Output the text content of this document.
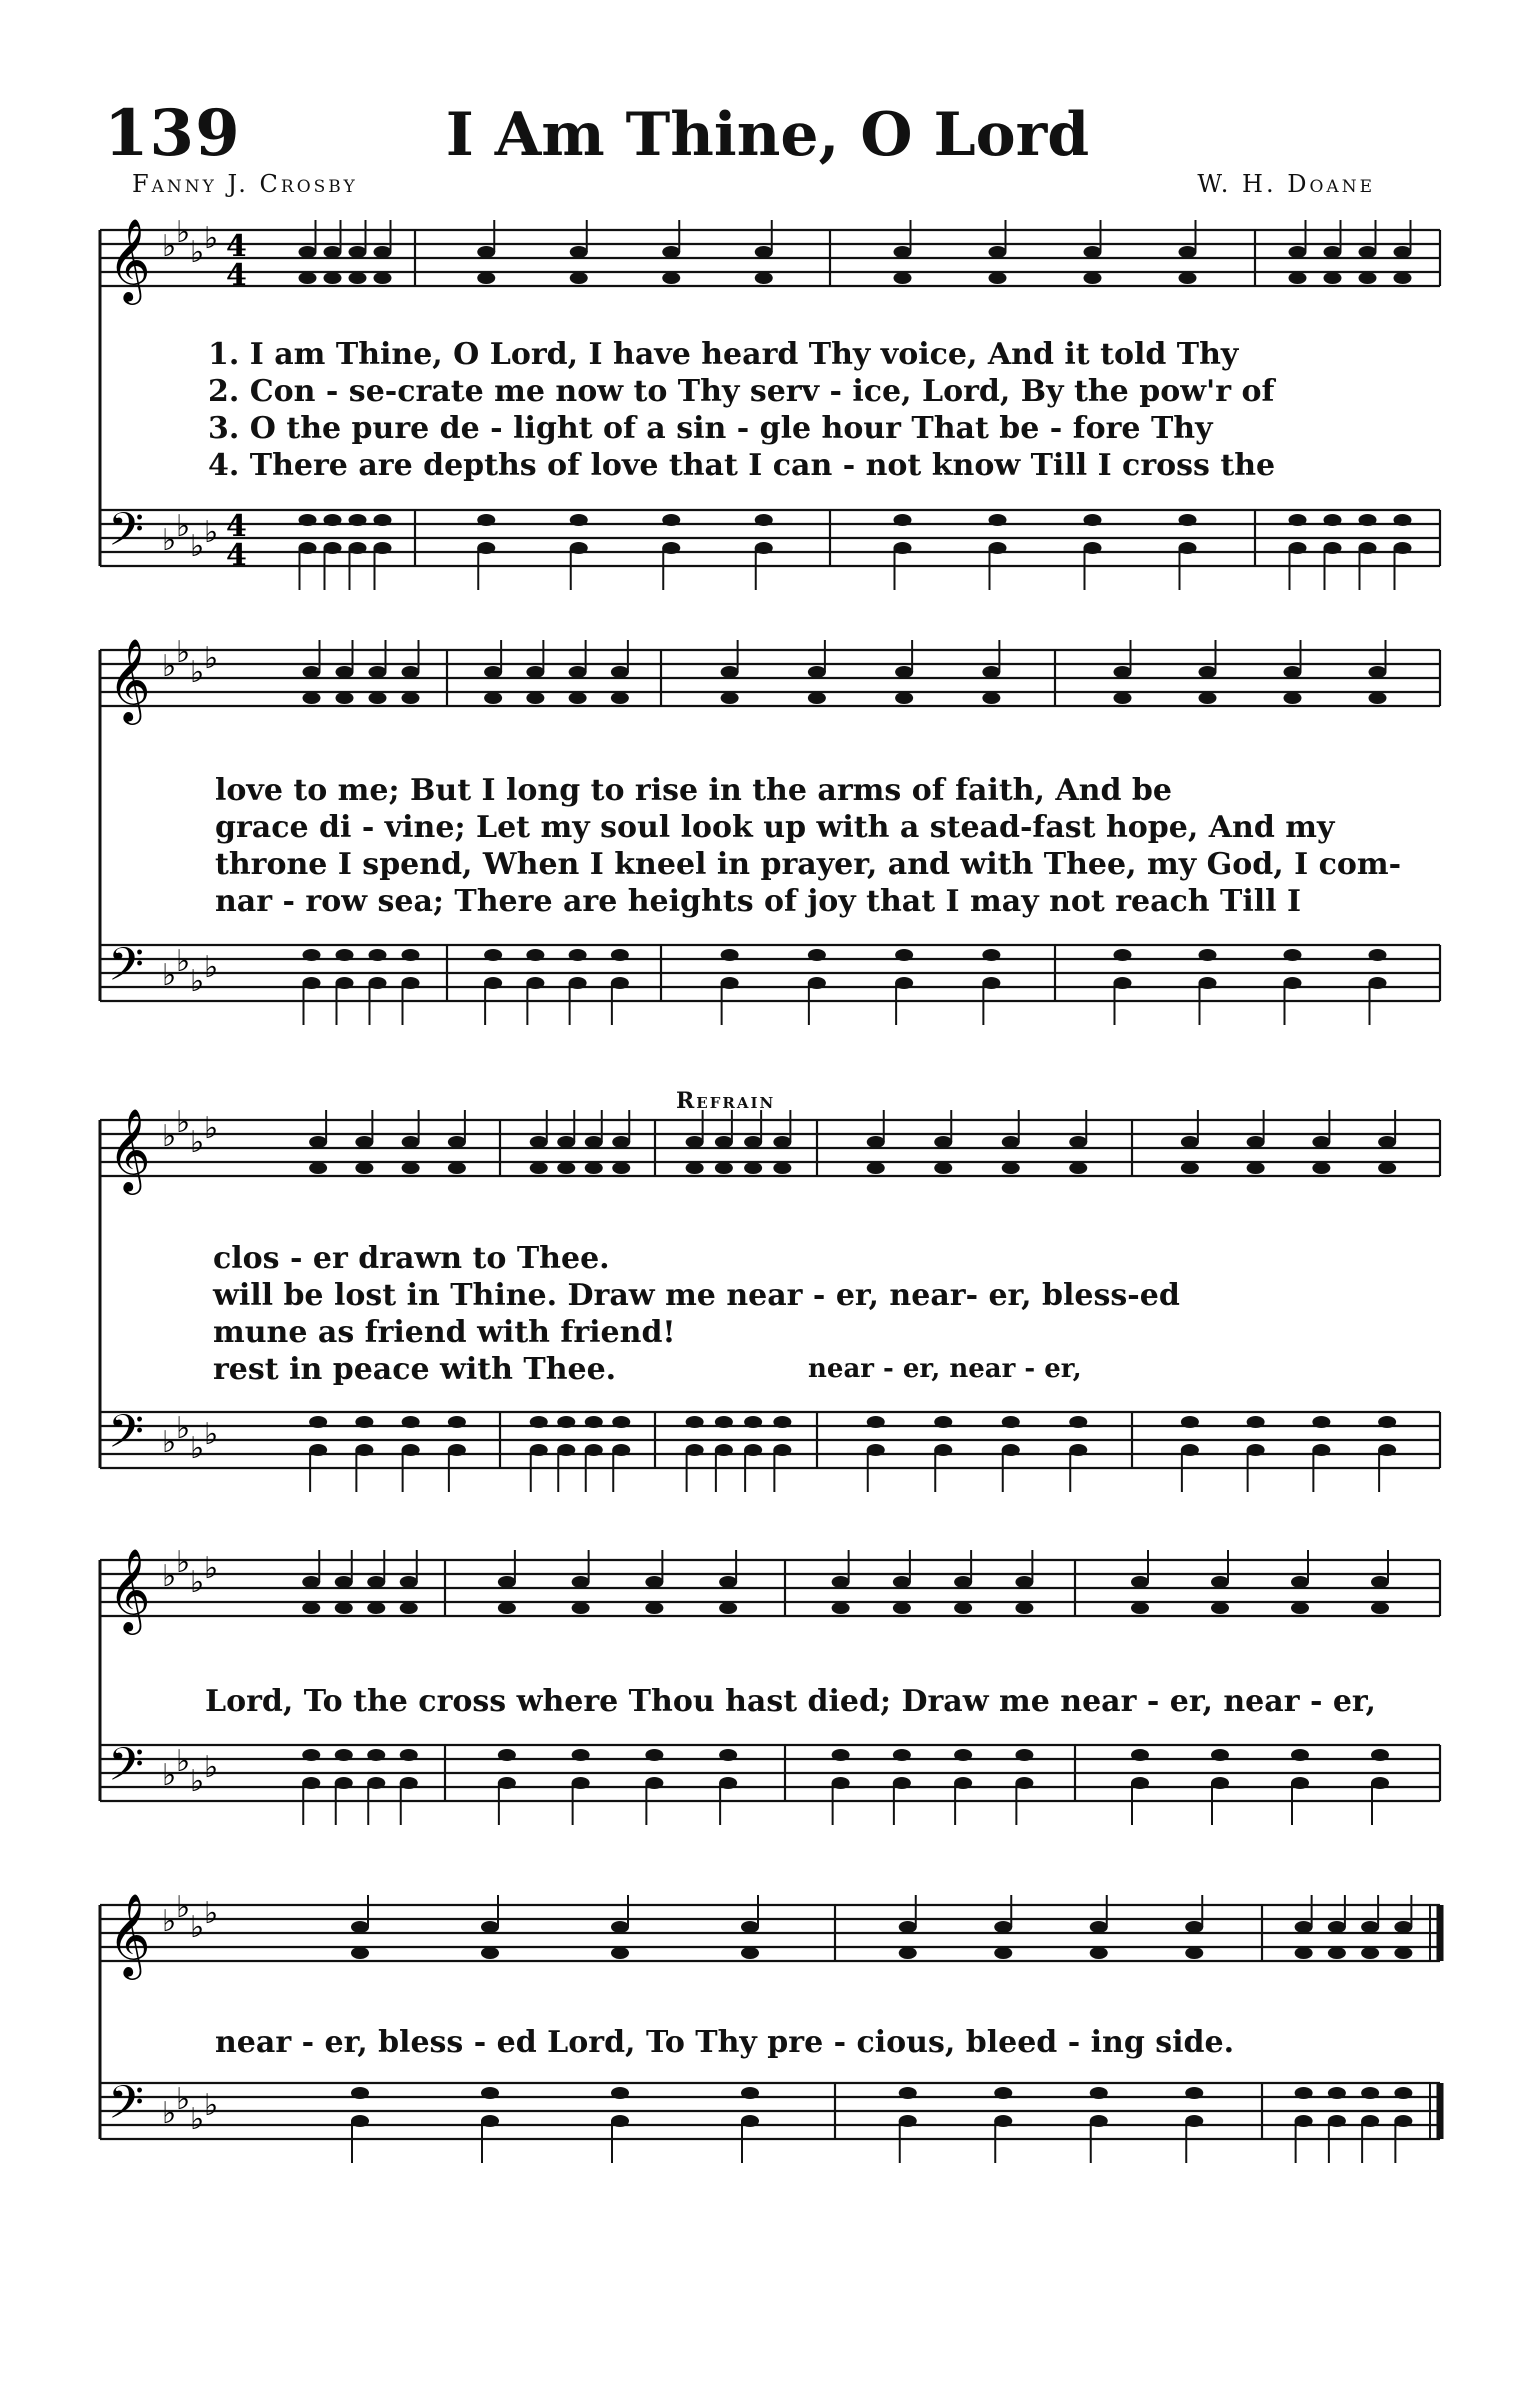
139	I Am Thine, O Lord
Fanny J. Crosby	W. H. Doane
Refrain
𝄞 ♭ ♭
♭ ♭ 4
4
𝄢 ♭ ♭
♭ ♭ 4
4
𝄞 ♭ ♭
♭ ♭
𝄢 ♭ ♭
♭ ♭
𝄞 ♭ ♭
♭ ♭
𝄢 ♭ ♭
♭ ♭
𝄞 ♭ ♭
♭ ♭
𝄢 ♭ ♭
♭ ♭
𝄞 ♭ ♭
♭ ♭
𝄢 ♭ ♭
♭ ♭
1. I am Thine, O Lord, I have heard Thy voice, And it told Thy
2. Con - se-crate me now to Thy serv - ice, Lord, By the pow'r of
3. O the pure de - light of a sin - gle hour That be - fore Thy
4. There are depths of love that I can - not know Till I cross the
love to me; But I long to rise in the arms of faith, And be
grace di - vine; Let my soul look up with a stead-fast hope, And my
throne I spend, When I kneel in prayer, and with Thee, my God, I com-
nar - row sea; There are heights of joy that I may not reach Till I
clos - er drawn to Thee.
will be lost in Thine. Draw me near - er, near- er, bless-ed
mune as friend with friend!
rest in peace with Thee.	near - er, near - er,
Lord, To the cross where Thou hast died; Draw me near - er, near - er,
near - er, bless - ed Lord, To Thy pre - cious, bleed - ing side.
